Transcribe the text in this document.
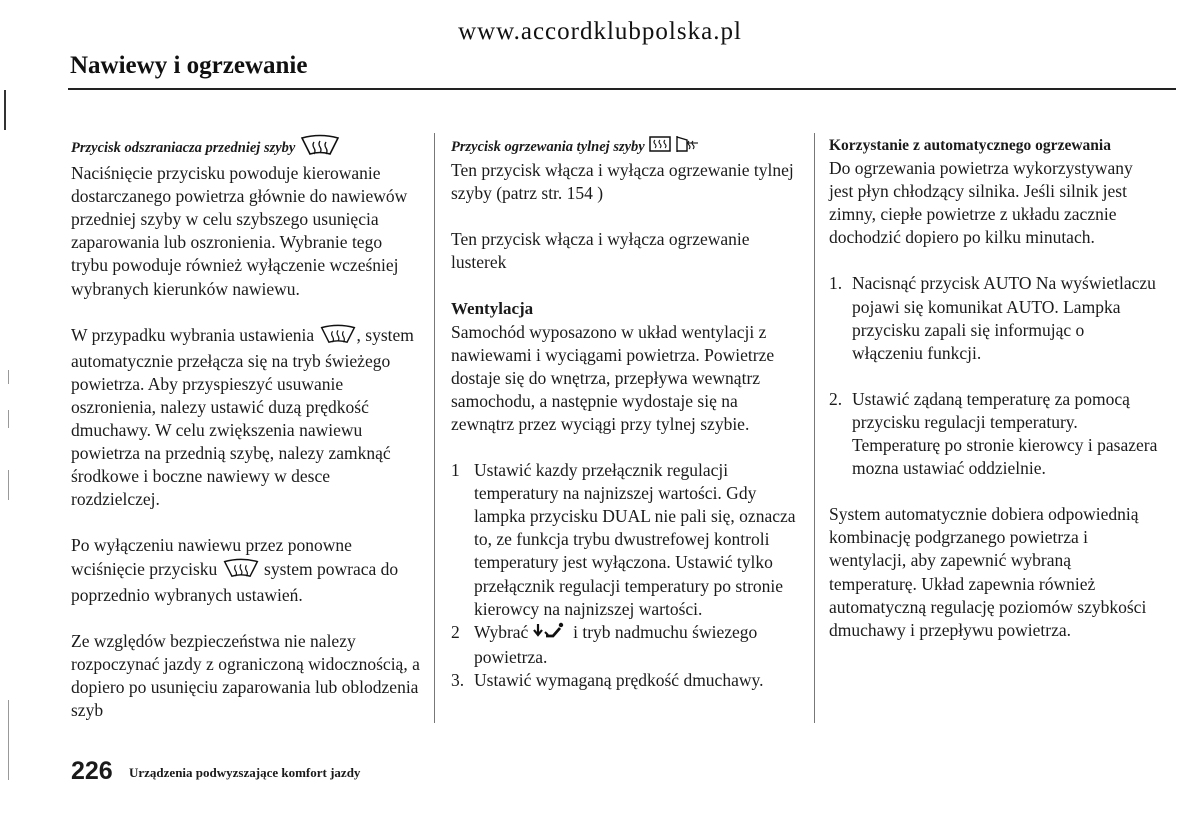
www.accordklubpolska.pl
Nawiewy i ogrzewanie
Przycisk odszraniacza przedniej szyby

Naciśnięcie przycisku powoduje kierowanie dostarczanego powietrza głównie do nawiewów przedniej szyby w celu szybszego usunięcia zaparowania lub oszronienia. Wybranie tego trybu powoduje również wyłączenie wcześniej wybranych kierunków nawiewu.

W przypadku wybrania ustawienia , system automatycznie przełącza się na tryb świeżego powietrza. Aby przyspieszyć usuwanie oszronienia, nalezy ustawić duzą prędkość dmuchawy. W celu zwiększenia nawiewu powietrza na przednią szybę, nalezy zamknąć środkowe i boczne nawiewy w desce rozdzielczej.

Po wyłączeniu nawiewu przez ponowne wciśnięcie przycisku	system powraca do poprzednio wybranych ustawień.

Ze względów bezpieczeństwa nie nalezy rozpoczynać jazdy z ograniczoną widocznością, a dopiero po usunięciu zaparowania lub oblodzenia szyb

Przycisk ogrzewania tylnej szyby

Ten przycisk włącza i wyłącza ogrzewanie tylnej szyby (patrz str. 154 )

Ten przycisk włącza i wyłącza ogrzewanie lusterek

Wentylacja

Samochód wyposazono w układ wentylacji z nawiewami i wyciągami powietrza. Powietrze dostaje się do wnętrza, przepływa wewnątrz samochodu, a następnie wydostaje się na zewnątrz przez wyciągi przy tylnej szybie.

1 Ustawić kazdy przełącznik regulacji temperatury na najnizszej wartości. Gdy lampka przycisku DUAL nie pali się, oznacza to, ze funkcja trybu dwustrefowej kontroli temperatury jest wyłączona. Ustawić tylko przełącznik regulacji temperatury po stronie kierowcy na najnizszej wartości.
2 Wybrać	i tryb nadmuchu świezego powietrza.
3. Ustawić wymaganą prędkość dmuchawy.
Korzystanie z automatycznego ogrzewania

Do ogrzewania powietrza wykorzystywany jest płyn chłodzący silnika. Jeśli silnik jest zimny, ciepłe powietrze z układu zacznie dochodzić dopiero po kilku minutach.

1. Nacisnąć przycisk AUTO Na wyświetlaczu pojawi się komunikat AUTO. Lampka przycisku zapali się informując o włączeniu funkcji.
2. Ustawić ządaną temperaturę za pomocą przycisku regulacji temperatury. Temperaturę po stronie kierowcy i pasazera mozna ustawiać oddzielnie.

System automatycznie dobiera odpowiednią kombinację podgrzanego powietrza i wentylacji, aby zapewnić wybraną temperaturę. Układ zapewnia również automatyczną regulację poziomów szybkości dmuchawy i przepływu powietrza.

226 Urządzenia podwyzszające komfort jazdy
